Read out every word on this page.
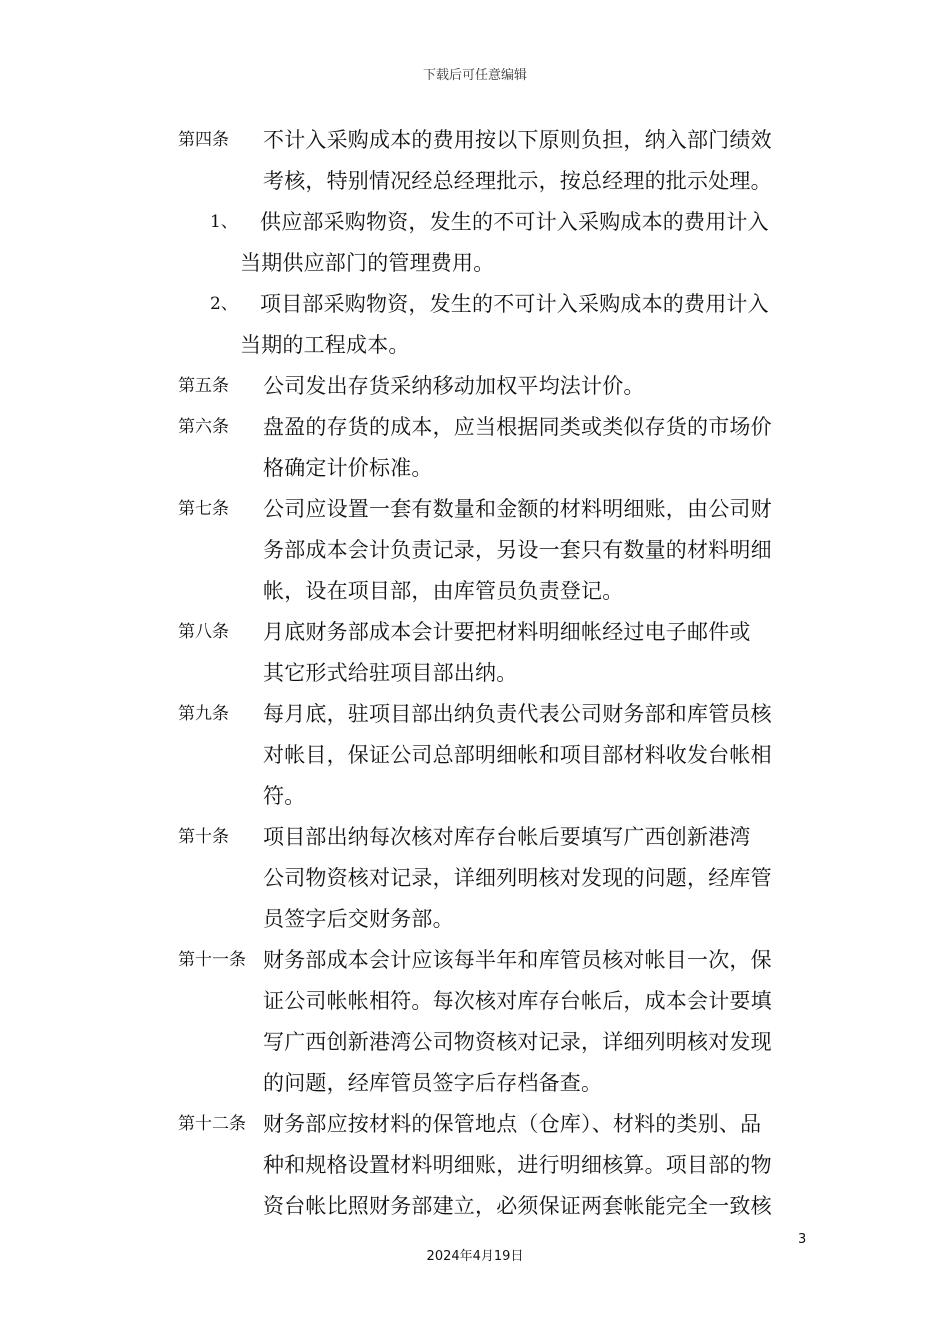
下载后可任意编辑
第四条 不计入采购成本的费用按以下原则负担，纳入部门绩效
考核，特别情况经总经理批示，按总经理的批示处理。
1、 供应部采购物资，发生的不可计入采购成本的费用计入
当期供应部门的管理费用。
2、 项目部采购物资，发生的不可计入采购成本的费用计入
当期的工程成本。
第五条 公司发出存货采纳移动加权平均法计价。
第六条 盘盈的存货的成本，应当根据同类或类似存货的市场价
格确定计价标准。
第七条 公司应设置一套有数量和金额的材料明细账，由公司财
务部成本会计负责记录，另设一套只有数量的材料明细
帐，设在项目部，由库管员负责登记。
第八条 月底财务部成本会计要把材料明细帐经过电子邮件或
其它形式给驻项目部出纳。
第九条 每月底，驻项目部出纳负责代表公司财务部和库管员核
对帐目，保证公司总部明细帐和项目部材料收发台帐相
符。
第十条 项目部出纳每次核对库存台帐后要填写广西创新港湾
公司物资核对记录，详细列明核对发现的问题，经库管
员签字后交财务部。
第十一条 财务部成本会计应该每半年和库管员核对帐目一次，保
证公司帐帐相符。每次核对库存台帐后，成本会计要填
写广西创新港湾公司物资核对记录，详细列明核对发现
的问题，经库管员签字后存档备查。
第十二条 财务部应按材料的保管地点（仓库）、材料的类别、品
种和规格设置材料明细账，进行明细核算。项目部的物
资台帐比照财务部建立，必须保证两套帐能完全一致核
3
2024年4月19日
